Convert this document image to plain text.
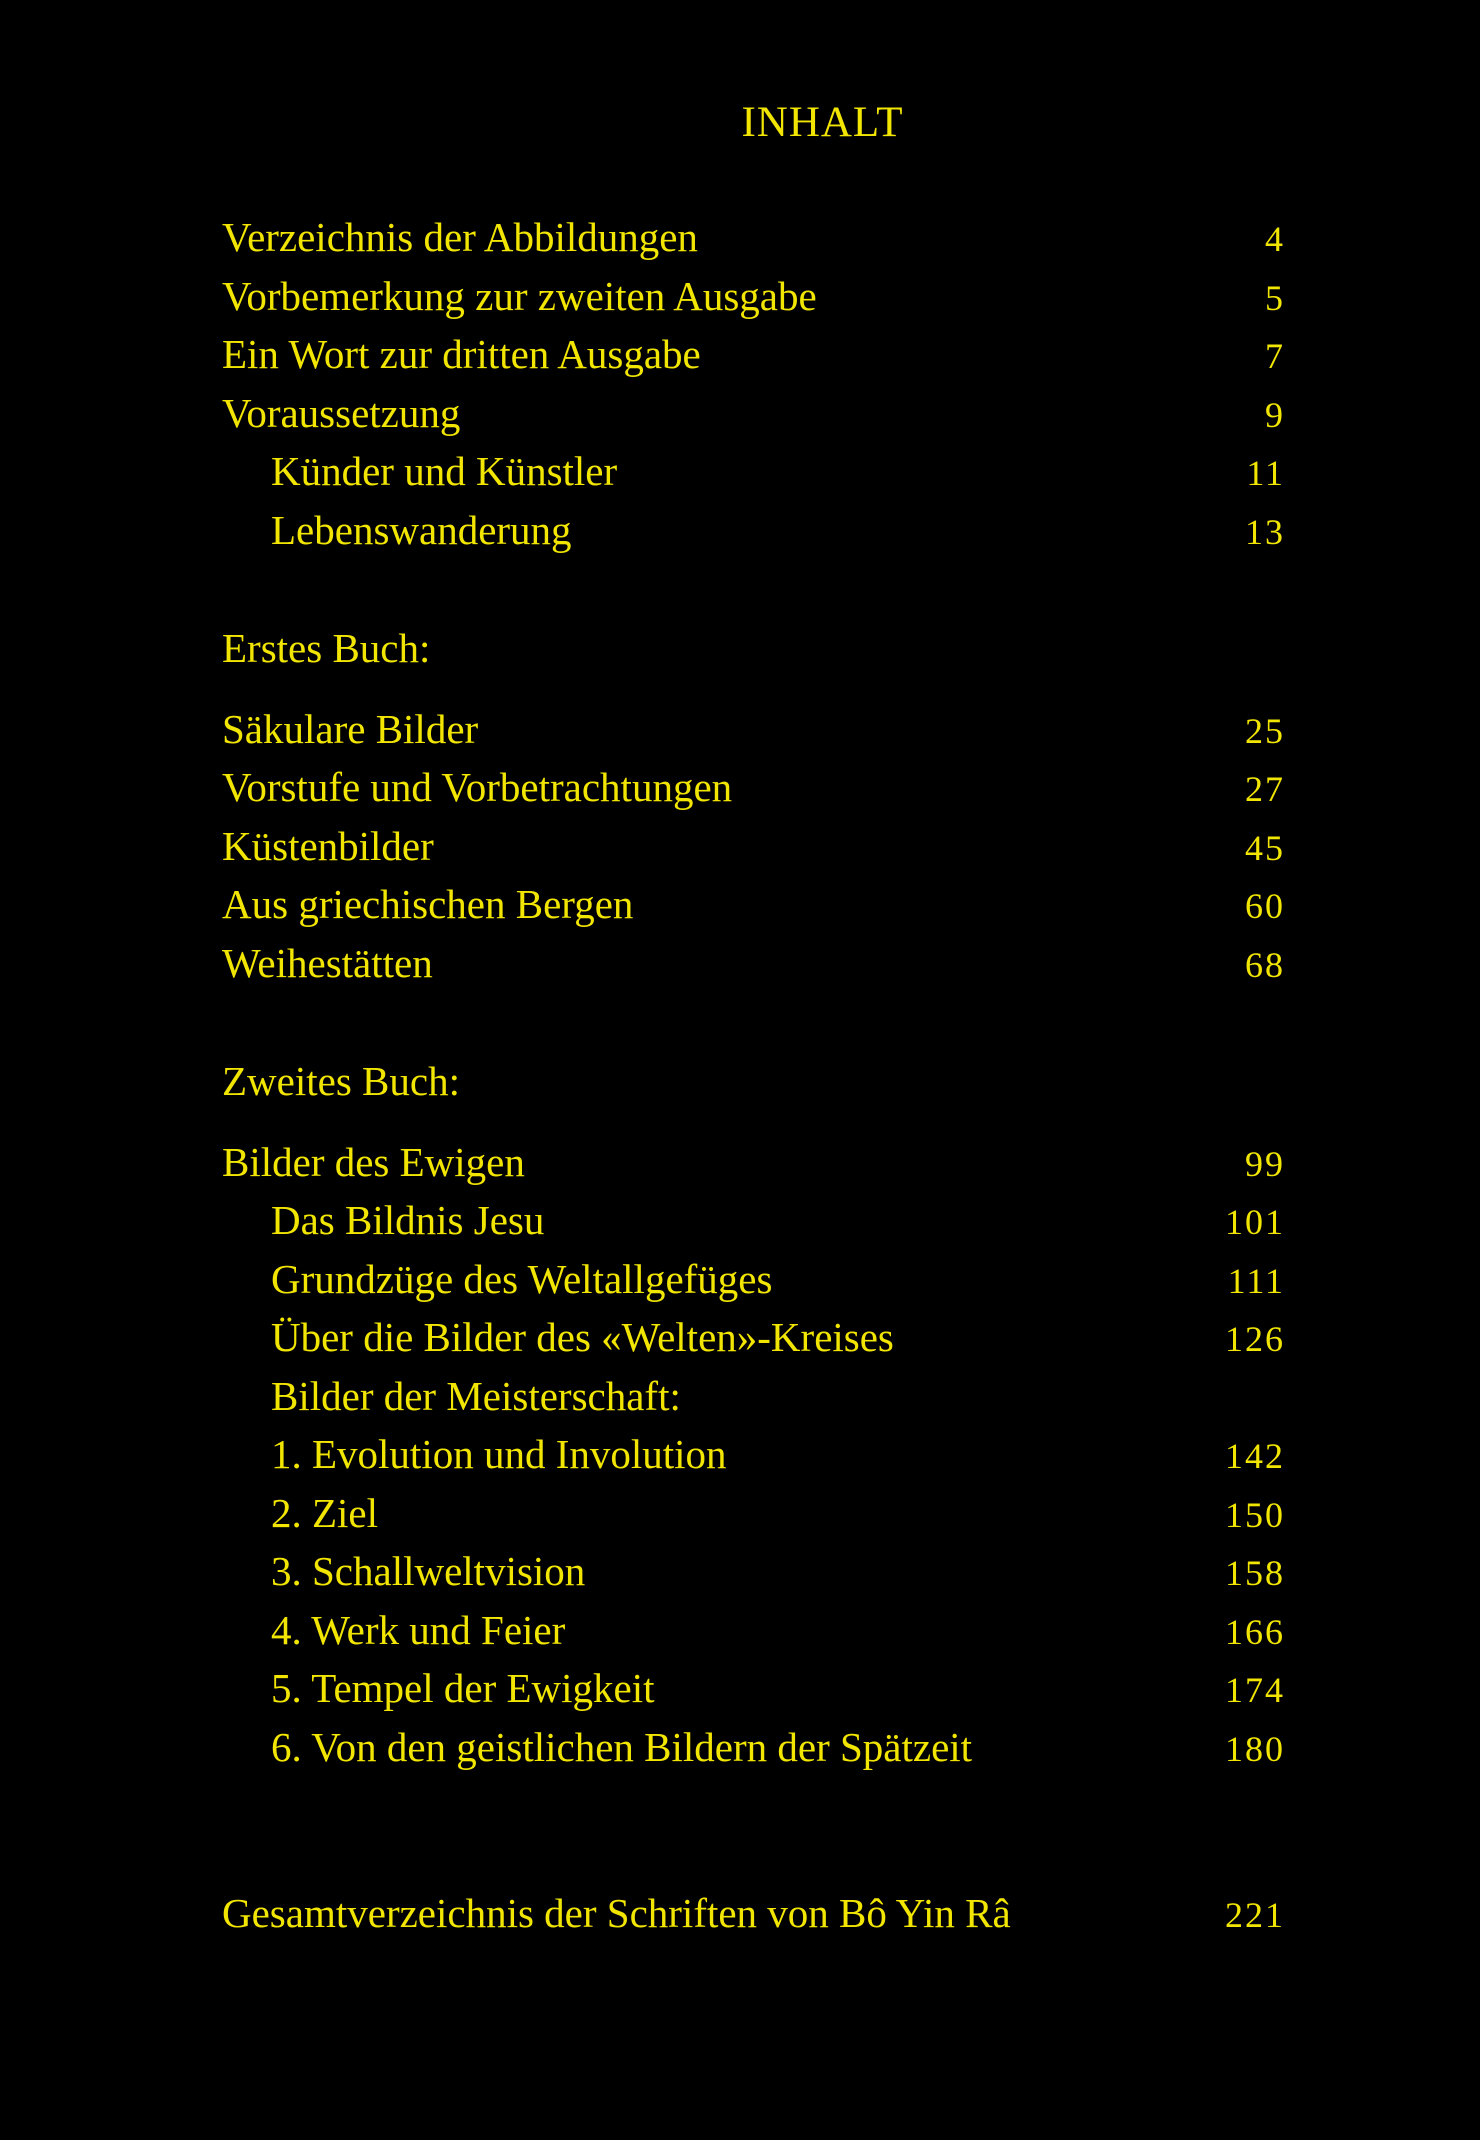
INHALT
Verzeichnis der Abbildungen	4
Vorbemerkung zur zweiten Ausgabe	5
Ein Wort zur dritten Ausgabe	7
Voraussetzung	9
Künder und Künstler	11
Lebenswanderung	13
Erstes Buch:
Säkulare Bilder	25
Vorstufe und Vorbetrachtungen	27
Küstenbilder	45
Aus griechischen Bergen	60
Weihestätten	68
Zweites Buch:
Bilder des Ewigen	99
Das Bildnis Jesu	101
Grundzüge des Weltallgefüges	111
Über die Bilder des «Welten»-Kreises	126
Bilder der Meisterschaft:
1. Evolution und Involution	142
2. Ziel	150
3. Schallweltvision	158
4. Werk und Feier	166
5. Tempel der Ewigkeit	174
6. Von den geistlichen Bildern der Spätzeit	180
Gesamtverzeichnis der Schriften von Bô Yin Râ	221
